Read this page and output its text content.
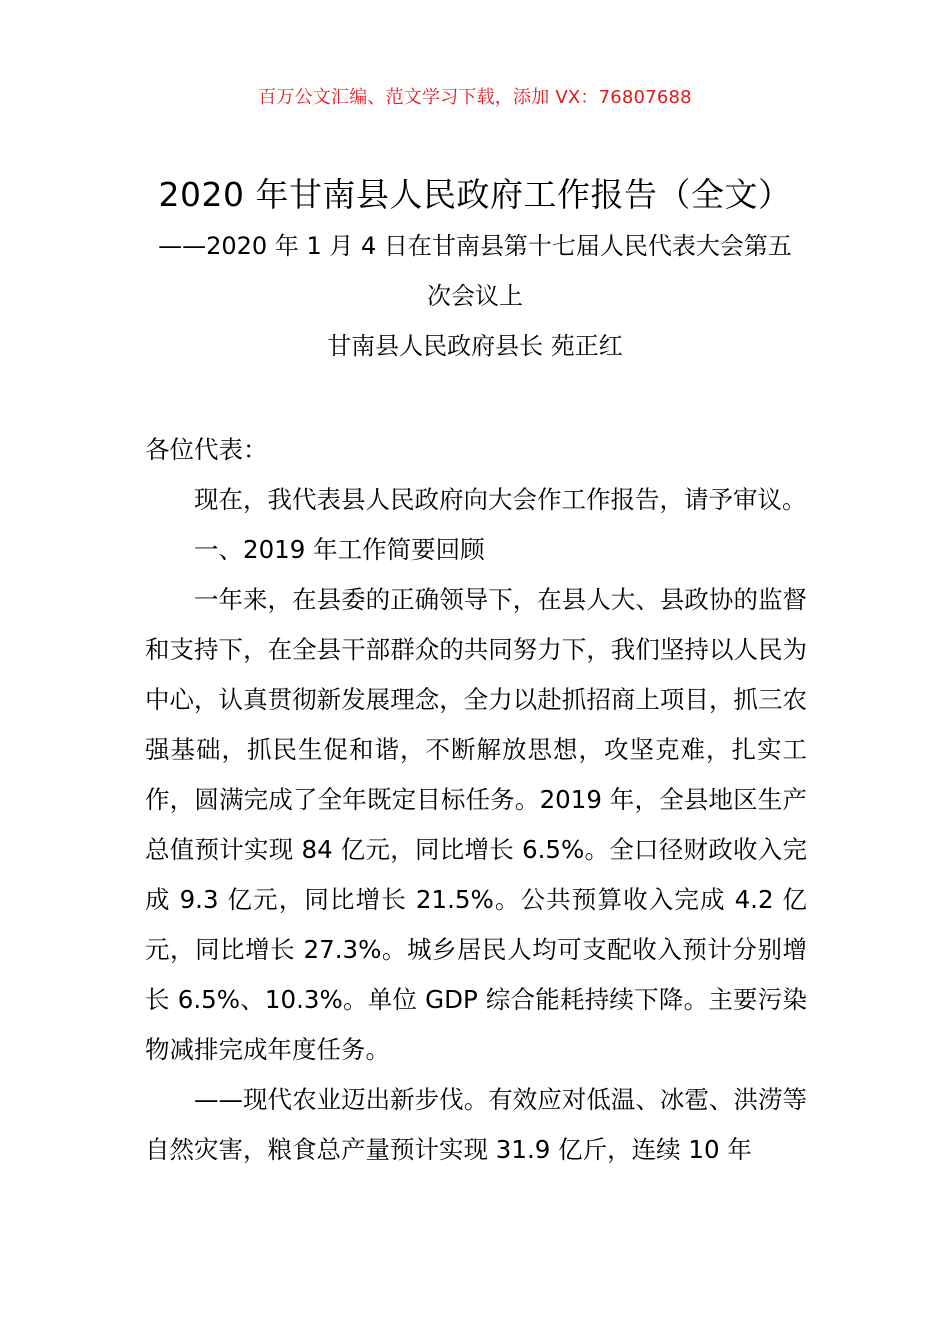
百万公文汇编、范文学习下载，添加 VX：76807688
2020 年甘南县人民政府工作报告（全文）
——2020 年 1 月 4 日在甘南县第十七届人民代表大会第五
次会议上
甘南县人民政府县长 苑正红

各位代表：

现在，我代表县人民政府向大会作工作报告，请予审议。

一、2019 年工作简要回顾

一年来，在县委的正确领导下，在县人大、县政协的监督和支持下，在全县干部群众的共同努力下，我们坚持以人民为中心，认真贯彻新发展理念，全力以赴抓招商上项目，抓三农强基础，抓民生促和谐，不断解放思想，攻坚克难，扎实工作，圆满完成了全年既定目标任务。2019 年，全县地区生产总值预计实现 84 亿元，同比增长 6.5%。全口径财政收入完成 9.3 亿元，同比增长 21.5%。公共预算收入完成 4.2 亿元，同比增长 27.3%。城乡居民人均可支配收入预计分别增长 6.5%、10.3%。单位 GDP 综合能耗持续下降。主要污染物减排完成年度任务。

——现代农业迈出新步伐。有效应对低温、冰雹、洪涝等自然灾害，粮食总产量预计实现 31.9 亿斤，连续 10 年
